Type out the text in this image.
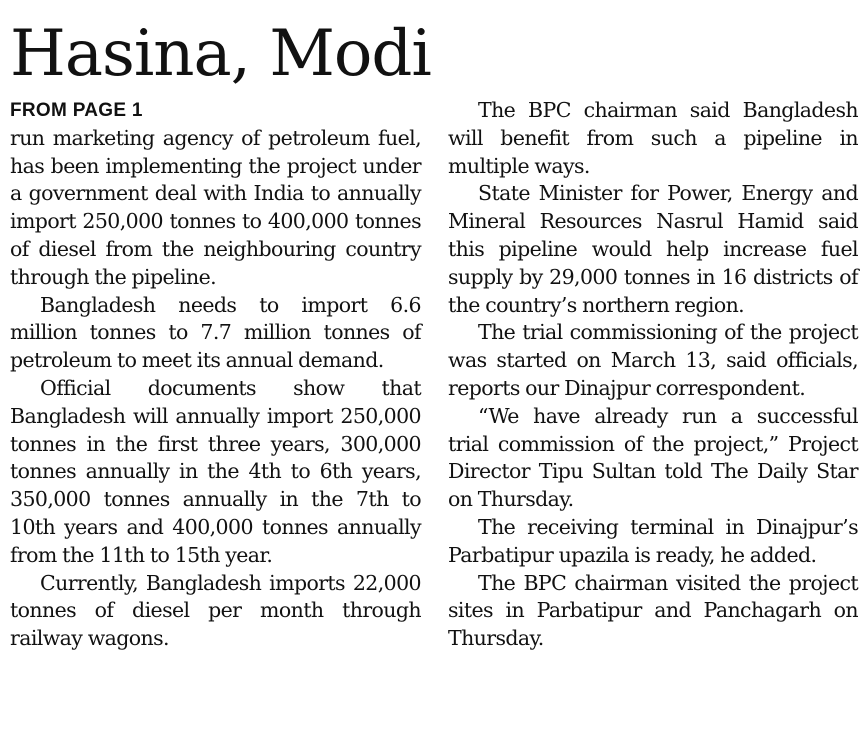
Hasina, Modi

FROM PAGE 1

run marketing agency of petroleum fuel, has been implementing the project under a government deal with India to annually import 250,000 tonnes to 400,000 tonnes of diesel from the neighbouring country through the pipeline.

Bangladesh needs to import 6.6 million tonnes to 7.7 million tonnes of petroleum to meet its annual demand.

Official documents show that Bangladesh will annually import 250,000 tonnes in the first three years, 300,000 tonnes annually in the 4th to 6th years, 350,000 tonnes annually in the 7th to 10th years and 400,000 tonnes annually from the 11th to 15th year.

Currently, Bangladesh imports 22,000 tonnes of diesel per month through railway wagons.

The BPC chairman said Bangladesh will benefit from such a pipeline in multiple ways.

State Minister for Power, Energy and Mineral Resources Nasrul Hamid said this pipeline would help increase fuel supply by 29,000 tonnes in 16 districts of the country’s northern region.

The trial commissioning of the project was started on March 13, said officials, reports our Dinajpur correspondent.

“We have already run a successful trial commission of the project,” Project Director Tipu Sultan told The Daily Star on Thursday.

The receiving terminal in Dinajpur’s Parbatipur upazila is ready, he added.

The BPC chairman visited the project sites in Parbatipur and Panchagarh on Thursday.
